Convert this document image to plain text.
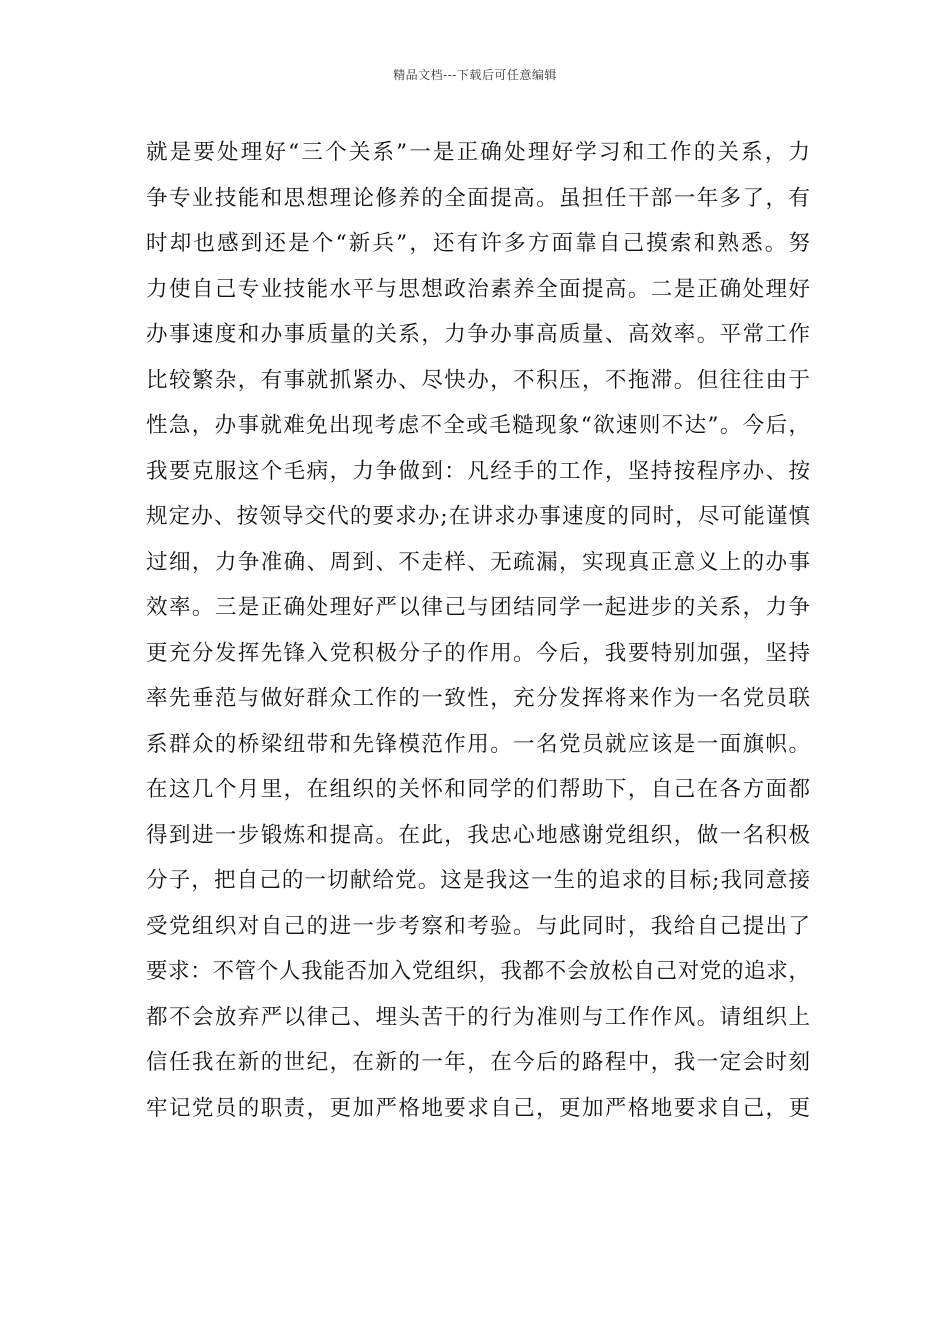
精品文档---下载后可任意编辑
就是要处理好“三个关系”一是正确处理好学习和工作的关系，力
争专业技能和思想理论修养的全面提高。虽担任干部一年多了，有
时却也感到还是个“新兵”，还有许多方面靠自己摸索和熟悉。努
力使自己专业技能水平与思想政治素养全面提高。二是正确处理好
办事速度和办事质量的关系，力争办事高质量、高效率。平常工作
比较繁杂，有事就抓紧办、尽快办，不积压，不拖滞。但往往由于
性急，办事就难免出现考虑不全或毛糙现象“欲速则不达”。今后，
我要克服这个毛病，力争做到：凡经手的工作，坚持按程序办、按
规定办、按领导交代的要求办;在讲求办事速度的同时，尽可能谨慎
过细，力争准确、周到、不走样、无疏漏，实现真正意义上的办事
效率。三是正确处理好严以律己与团结同学一起进步的关系，力争
更充分发挥先锋入党积极分子的作用。今后，我要特别加强，坚持
率先垂范与做好群众工作的一致性，充分发挥将来作为一名党员联
系群众的桥梁纽带和先锋模范作用。一名党员就应该是一面旗帜。
在这几个月里，在组织的关怀和同学的们帮助下，自己在各方面都
得到进一步锻炼和提高。在此，我忠心地感谢党组织，做一名积极
分子，把自己的一切献给党。这是我这一生的追求的目标;我同意接
受党组织对自己的进一步考察和考验。与此同时，我给自己提出了
要求：不管个人我能否加入党组织，我都不会放松自己对党的追求，
都不会放弃严以律己、埋头苦干的行为准则与工作作风。请组织上
信任我在新的世纪，在新的一年，在今后的路程中，我一定会时刻
牢记党员的职责，更加严格地要求自己，更加严格地要求自己，更
